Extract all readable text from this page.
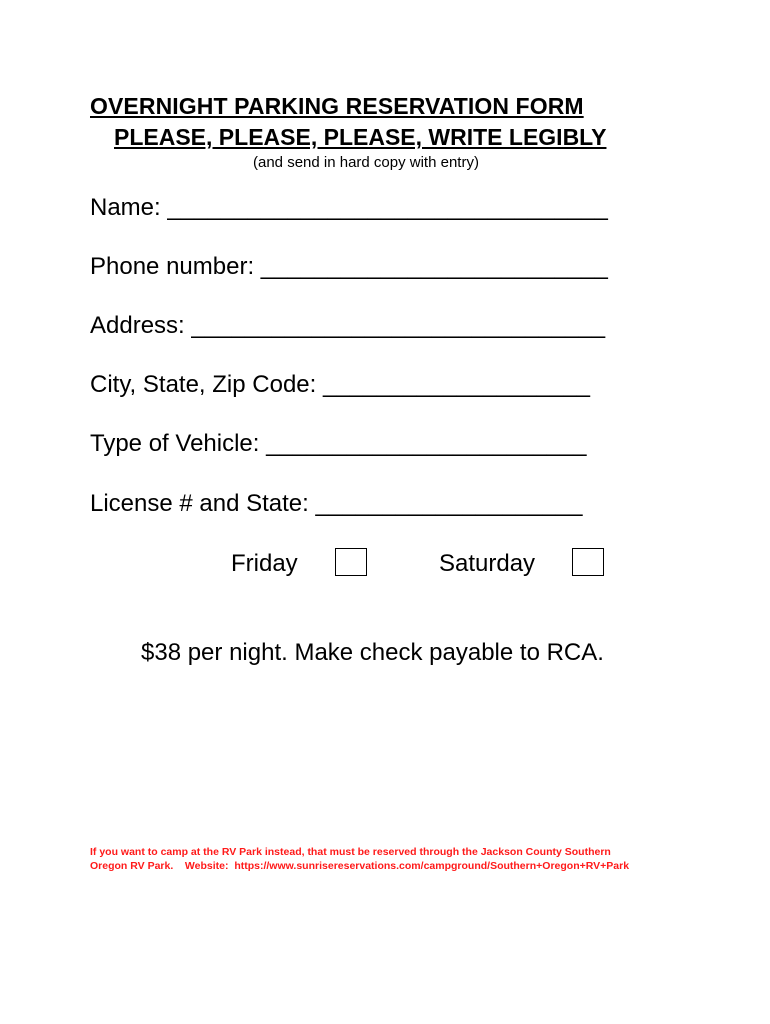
OVERNIGHT PARKING RESERVATION FORM
PLEASE, PLEASE, PLEASE, WRITE LEGIBLY
(and send in hard copy with entry)
Name: _________________________________
Phone number: __________________________
Address: _______________________________
City, State, Zip Code: ____________________
Type of Vehicle: ________________________
License # and State: ____________________
Friday	Saturday
$38 per night. Make check payable to RCA.
If you want to camp at the RV Park instead, that must be reserved through the Jackson County Southern
Oregon RV Park.    Website:  https://www.sunrisereservations.com/campground/Southern+Oregon+RV+Park
